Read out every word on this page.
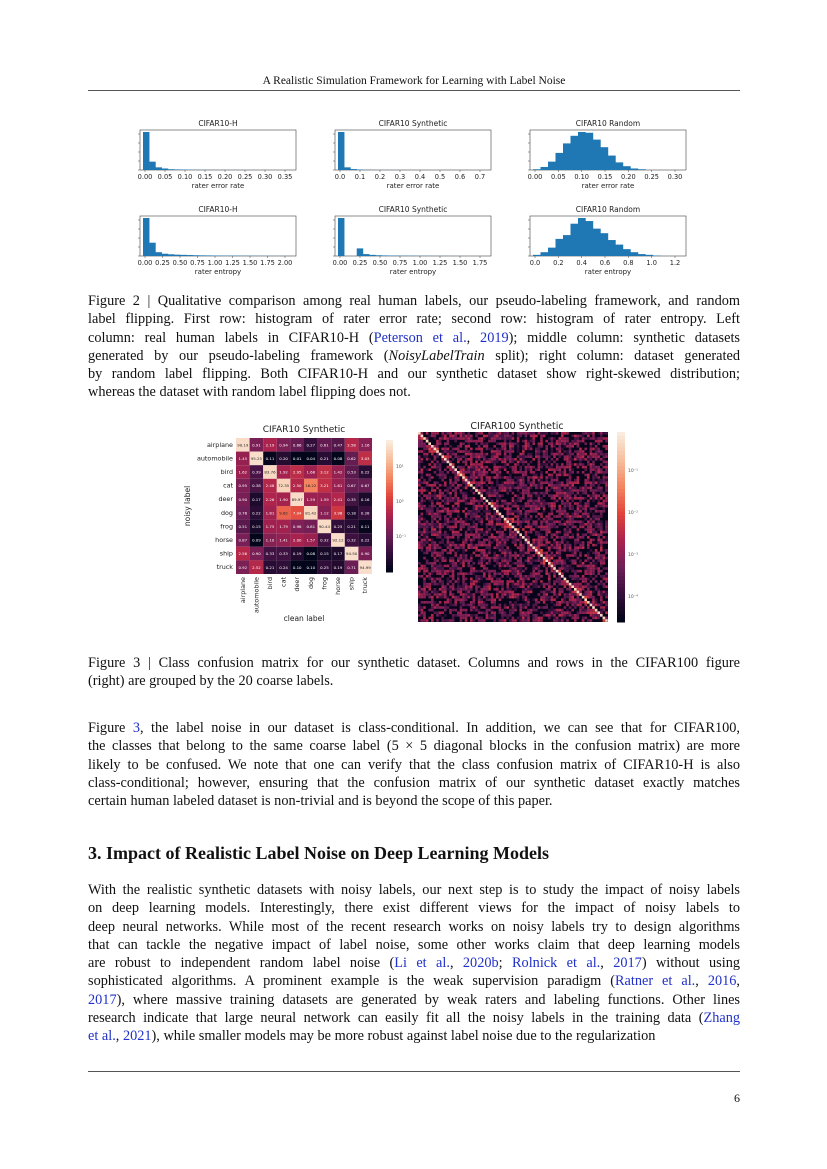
A Realistic Simulation Framework for Learning with Label Noise
CIFAR10-H
0.00 0.05 0.10 0.15 0.20 0.25 0.30 0.35
rater error rate
CIFAR10 Synthetic
0.0 0.1 0.2 0.3 0.4 0.5 0.6 0.7
rater error rate
CIFAR10 Random
0.00 0.05 0.10 0.15 0.20 0.25 0.30
rater error rate
CIFAR10-H
0.00 0.25 0.50 0.75 1.00 1.25 1.50 1.75 2.00
rater entropy
CIFAR10 Synthetic
0.00 0.25 0.50 0.75 1.00 1.25 1.50 1.75
rater entropy
CIFAR10 Random
0.0 0.2 0.4 0.6 0.8 1.0 1.2
rater entropy
Figure 2 | Qualitative comparison among real human labels, our pseudo-labeling framework, and random
label flipping. First row: histogram of rater error rate; second row: histogram of rater entropy. Left
column: real human labels in CIFAR10-H (Peterson et al., 2019); middle column: synthetic datasets
generated by our pseudo-labeling framework (NoisyLabelTrain split); right column: dataset generated
by random label flipping. Both CIFAR10-H and our synthetic dataset show right-skewed distribution;
whereas the dataset with random label flipping does not.
CIFAR10 Synthetic
90.19 0.91 2.19 0.94 0.66 0.27 0.61 0.47 2.58 1.16
1.45 95.25 0.11 0.20 0.01 0.04 0.21 0.08 0.62 3.03
1.62 0.39 83.76 1.92 2.95 1.68 3.12 1.42 0.53 0.22
0.95 0.38 2.48 72.35 2.50 16.22 3.21 1.61 0.67 0.67
0.90 0.17 2.26 1.90 89.97 1.59 1.59 2.41 0.35 0.16
0.76 0.22 1.81 9.62 7.04 81.42 1.12 3.98 0.18 0.28
0.51 0.15 1.75 1.79 0.98 0.81 90.44 0.25 0.21 0.11
0.87 0.09 1.10 1.41 2.00 1.57 0.32 92.12 0.32 0.22
2.56 0.90 0.33 0.33 0.19 0.08 0.15 0.17 94.50 0.90
0.92 2.52 0.21 0.24 0.10 0.10 0.25 0.19 0.71 94.99
airplane
airplane
automobile
automobile
bird
bird
cat
cat
deer
deer
dog
dog
frog
frog
horse
horse
ship
ship
truck
truck
noisy label
clean label
10¹
10⁰
10⁻¹
CIFAR100 Synthetic
10⁻¹
10⁻²
10⁻³
10⁻⁴
Figure 3 | Class confusion matrix for our synthetic dataset. Columns and rows in the CIFAR100 figure
(right) are grouped by the 20 coarse labels.
Figure 3, the label noise in our dataset is class-conditional. In addition, we can see that for CIFAR100,
the classes that belong to the same coarse label (5 × 5 diagonal blocks in the confusion matrix) are more
likely to be confused. We note that one can verify that the class confusion matrix of CIFAR10-H is also
class-conditional; however, ensuring that the confusion matrix of our synthetic dataset exactly matches
certain human labeled dataset is non-trivial and is beyond the scope of this paper.
3. Impact of Realistic Label Noise on Deep Learning Models
With the realistic synthetic datasets with noisy labels, our next step is to study the impact of noisy labels
on deep learning models. Interestingly, there exist different views for the impact of noisy labels to
deep neural networks. While most of the recent research works on noisy labels try to design algorithms
that can tackle the negative impact of label noise, some other works claim that deep learning models
are robust to independent random label noise (Li et al., 2020b; Rolnick et al., 2017) without using
sophisticated algorithms. A prominent example is the weak supervision paradigm (Ratner et al., 2016,
2017), where massive training datasets are generated by weak raters and labeling functions. Other lines
research indicate that large neural network can easily fit all the noisy labels in the training data (Zhang
et al., 2021), while smaller models may be more robust against label noise due to the regularization
6
